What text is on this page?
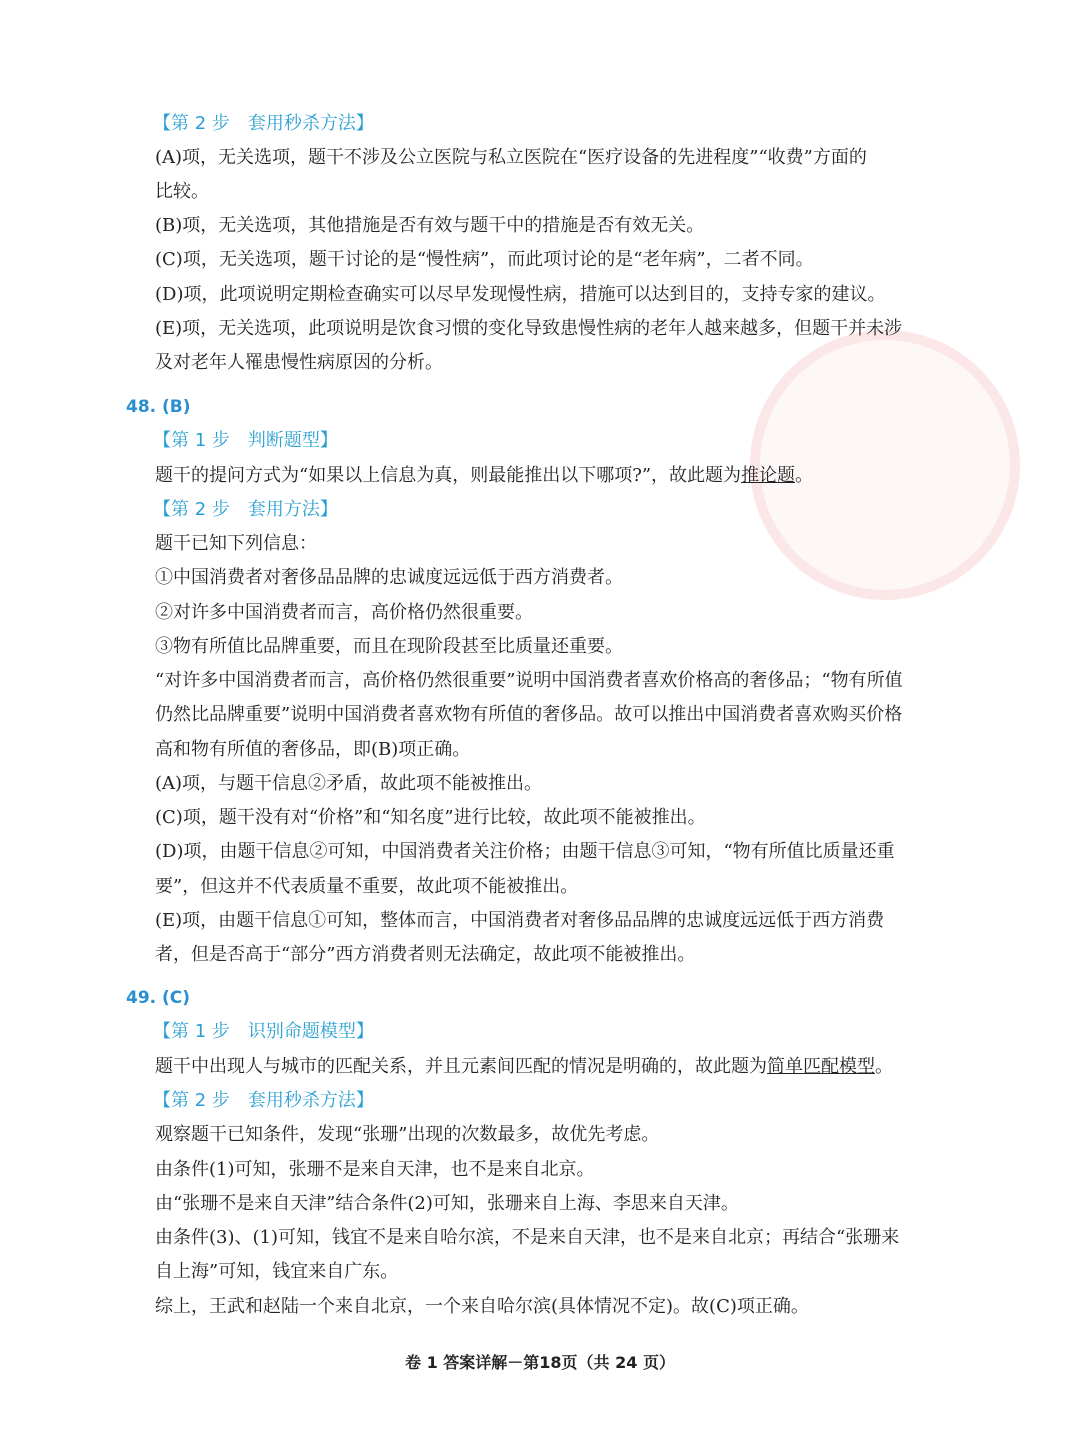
【第 2 步　套用秒杀方法】
(A)项，无关选项，题干不涉及公立医院与私立医院在“医疗设备的先进程度”“收费”方面的
比较。
(B)项，无关选项，其他措施是否有效与题干中的措施是否有效无关。
(C)项，无关选项，题干讨论的是“慢性病”，而此项讨论的是“老年病”，二者不同。
(D)项，此项说明定期检查确实可以尽早发现慢性病，措施可以达到目的，支持专家的建议。
(E)项，无关选项，此项说明是饮食习惯的变化导致患慢性病的老年人越来越多，但题干并未涉
及对老年人罹患慢性病原因的分析。
48. (B)
【第 1 步　判断题型】
题干的提问方式为“如果以上信息为真，则最能推出以下哪项?”，故此题为推论题。
【第 2 步　套用方法】
题干已知下列信息：
①中国消费者对奢侈品品牌的忠诚度远远低于西方消费者。
②对许多中国消费者而言，高价格仍然很重要。
③物有所值比品牌重要，而且在现阶段甚至比质量还重要。
“对许多中国消费者而言，高价格仍然很重要”说明中国消费者喜欢价格高的奢侈品；“物有所值
仍然比品牌重要”说明中国消费者喜欢物有所值的奢侈品。故可以推出中国消费者喜欢购买价格
高和物有所值的奢侈品，即(B)项正确。
(A)项，与题干信息②矛盾，故此项不能被推出。
(C)项，题干没有对“价格”和“知名度”进行比较，故此项不能被推出。
(D)项，由题干信息②可知，中国消费者关注价格；由题干信息③可知，“物有所值比质量还重
要”，但这并不代表质量不重要，故此项不能被推出。
(E)项，由题干信息①可知，整体而言，中国消费者对奢侈品品牌的忠诚度远远低于西方消费
者，但是否高于“部分”西方消费者则无法确定，故此项不能被推出。
49. (C)
【第 1 步　识别命题模型】
题干中出现人与城市的匹配关系，并且元素间匹配的情况是明确的，故此题为简单匹配模型。
【第 2 步　套用秒杀方法】
观察题干已知条件，发现“张珊”出现的次数最多，故优先考虑。
由条件(1)可知，张珊不是来自天津，也不是来自北京。
由“张珊不是来自天津”结合条件(2)可知，张珊来自上海、李思来自天津。
由条件(3)、(1)可知，钱宜不是来自哈尔滨，不是来自天津，也不是来自北京；再结合“张珊来
自上海”可知，钱宜来自广东。
综上，王武和赵陆一个来自北京，一个来自哈尔滨(具体情况不定)。故(C)项正确。
卷 1 答案详解－第18页（共 24 页）
